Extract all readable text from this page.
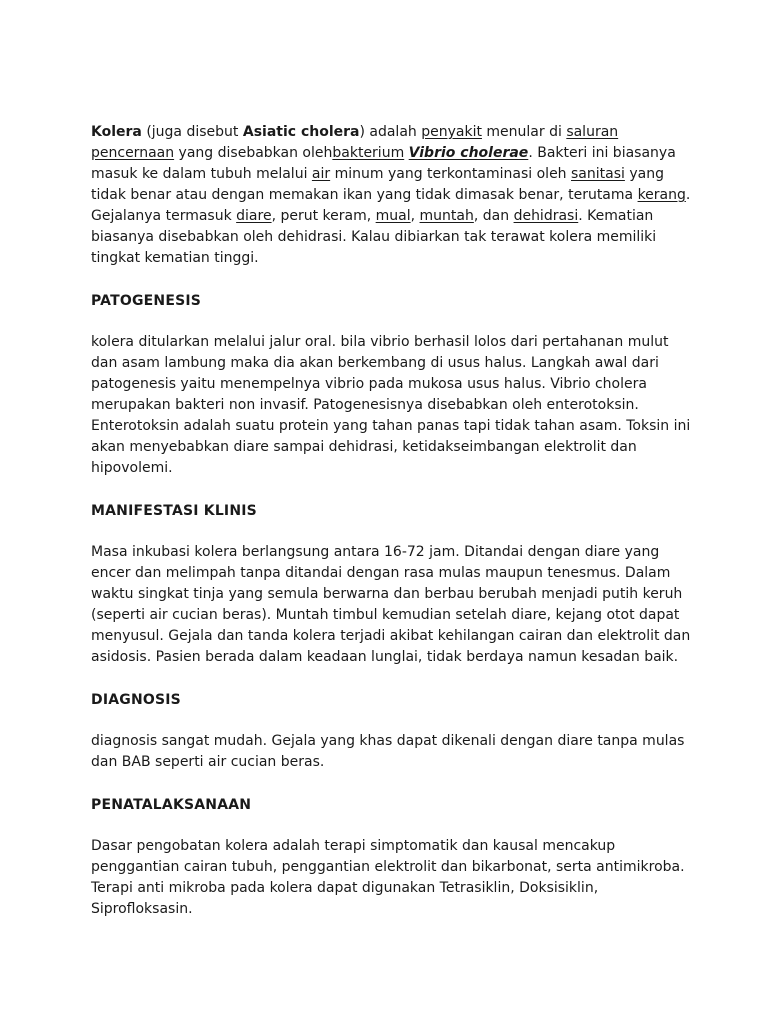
Kolera (juga disebut Asiatic cholera) adalah penyakit menular di saluran pencernaan yang disebabkan olehbakterium Vibrio cholerae. Bakteri ini biasanya masuk ke dalam tubuh melalui air minum yang terkontaminasi oleh sanitasi yang tidak benar atau dengan memakan ikan yang tidak dimasak benar, terutama kerang. Gejalanya termasuk diare, perut keram, mual, muntah, dan dehidrasi. Kematian biasanya disebabkan oleh dehidrasi. Kalau dibiarkan tak terawat kolera memiliki tingkat kematian tinggi.

PATOGENESIS

kolera ditularkan melalui jalur oral. bila vibrio berhasil lolos dari pertahanan mulut dan asam lambung maka dia akan berkembang di usus halus. Langkah awal dari patogenesis yaitu menempelnya vibrio pada mukosa usus halus. Vibrio cholera merupakan bakteri non invasif. Patogenesisnya disebabkan oleh enterotoksin. Enterotoksin adalah suatu protein yang tahan panas tapi tidak tahan asam. Toksin ini akan menyebabkan diare sampai dehidrasi, ketidakseimbangan elektrolit dan hipovolemi.

MANIFESTASI KLINIS

Masa inkubasi kolera berlangsung antara 16-72 jam. Ditandai dengan diare yang encer dan melimpah tanpa ditandai dengan rasa mulas maupun tenesmus. Dalam waktu singkat tinja yang semula berwarna dan berbau berubah menjadi putih keruh (seperti air cucian beras). Muntah timbul kemudian setelah diare, kejang otot dapat menyusul. Gejala dan tanda kolera terjadi akibat kehilangan cairan dan elektrolit dan asidosis. Pasien berada dalam keadaan lunglai, tidak berdaya namun kesadan baik.

DIAGNOSIS

diagnosis sangat mudah. Gejala yang khas dapat dikenali dengan diare tanpa mulas dan BAB seperti air cucian beras.

PENATALAKSANAAN

Dasar pengobatan kolera adalah terapi simptomatik dan kausal mencakup penggantian cairan tubuh, penggantian elektrolit dan bikarbonat, serta antimikroba. Terapi anti mikroba pada kolera dapat digunakan Tetrasiklin, Doksisiklin, Siprofloksasin.
